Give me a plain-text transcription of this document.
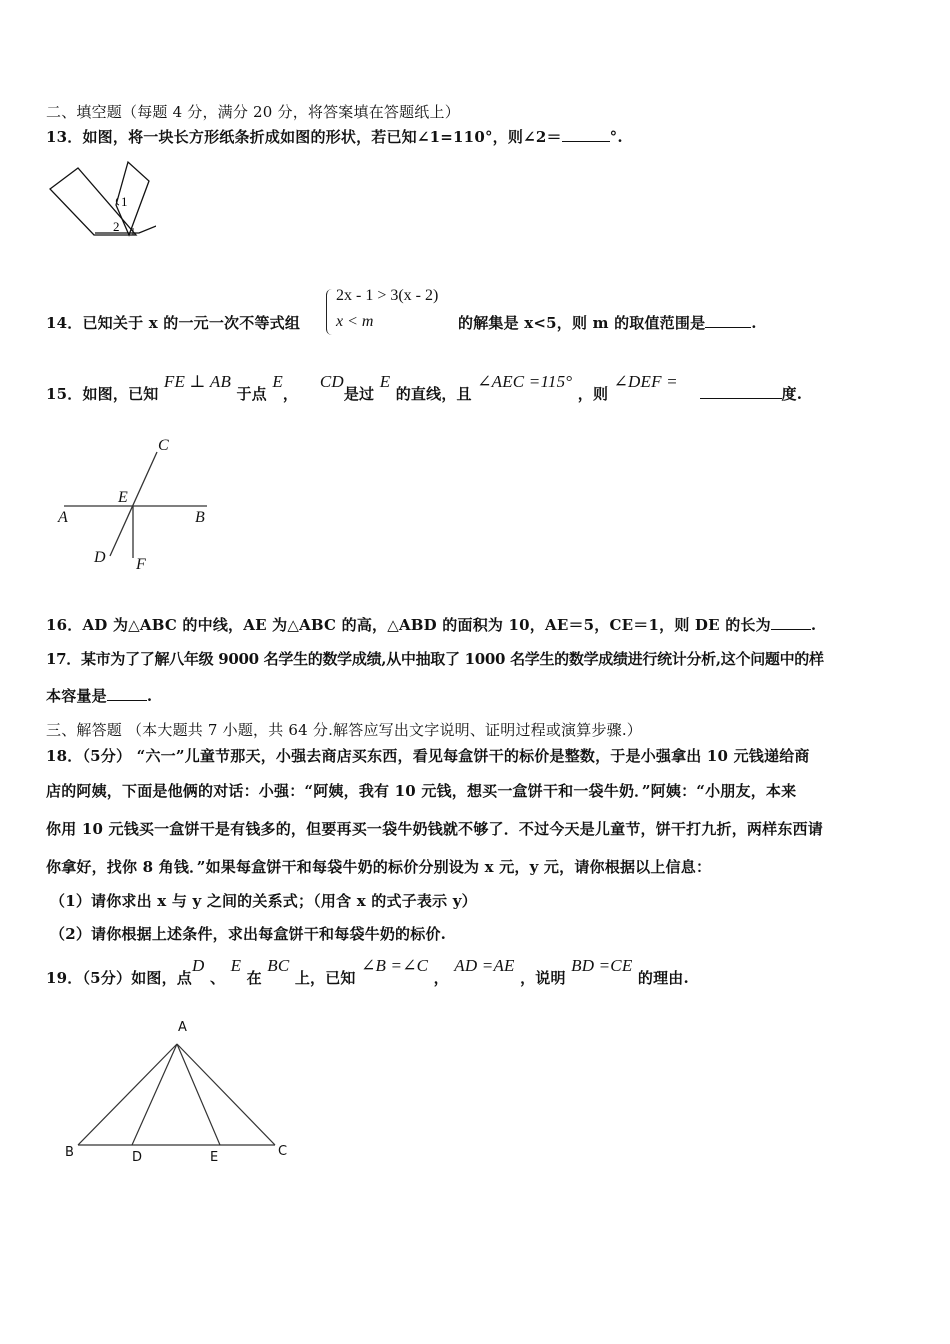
二、填空题（每题 4 分，满分 20 分，将答案填在答题纸上）
13．如图，将一块长方形纸条折成如图的形状，若已知∠1=110°，则∠2＝	°.
1
2
14．已知关于 x 的一元一次不等式组
2x - 1 > 3(x - 2)
x < m	的解集是 x<5，则 m 的取值范围是	.
15．如图，已知 FE ⊥ AB 于点 E，    CD是过 E 的直线，且 ∠AEC =115° ，则 ∠DEF =    度.
C
E
A	B
D F
16．AD 为△ABC 的中线，AE 为△ABC 的高，△ABD 的面积为 10，AE＝5，CE＝1，则 DE 的长为	.
17．某市为了了解八年级 9000 名学生的数学成绩,从中抽取了 1000 名学生的数学成绩进行统计分析,这个问题中的样
本容量是	.
三、解答题 （本大题共 7 小题，共 64 分.解答应写出文字说明、证明过程或演算步骤.）
18．（5分） “六一”儿童节那天，小强去商店买东西，看见每盒饼干的标价是整数，于是小强拿出 10 元钱递给商
店的阿姨，下面是他俩的对话：小强：“阿姨，我有 10 元钱，想买一盒饼干和一袋牛奶．”阿姨：“小朋友，本来
你用 10 元钱买一盒饼干是有钱多的，但要再买一袋牛奶钱就不够了．不过今天是儿童节，饼干打九折，两样东西请
你拿好，找你 8 角钱．”如果每盒饼干和每袋牛奶的标价分别设为 x 元，y 元，请你根据以上信息：
（1）请你求出 x 与 y 之间的关系式；（用含 x 的式子表示 y）
（2）请你根据上述条件，求出每盒饼干和每袋牛奶的标价.
19．（5分）如图，点D 、 E 在 BC 上，已知 ∠B =∠C ， AD =AE ，说明 BD =CE 的理由.
A
B	D	E	C
